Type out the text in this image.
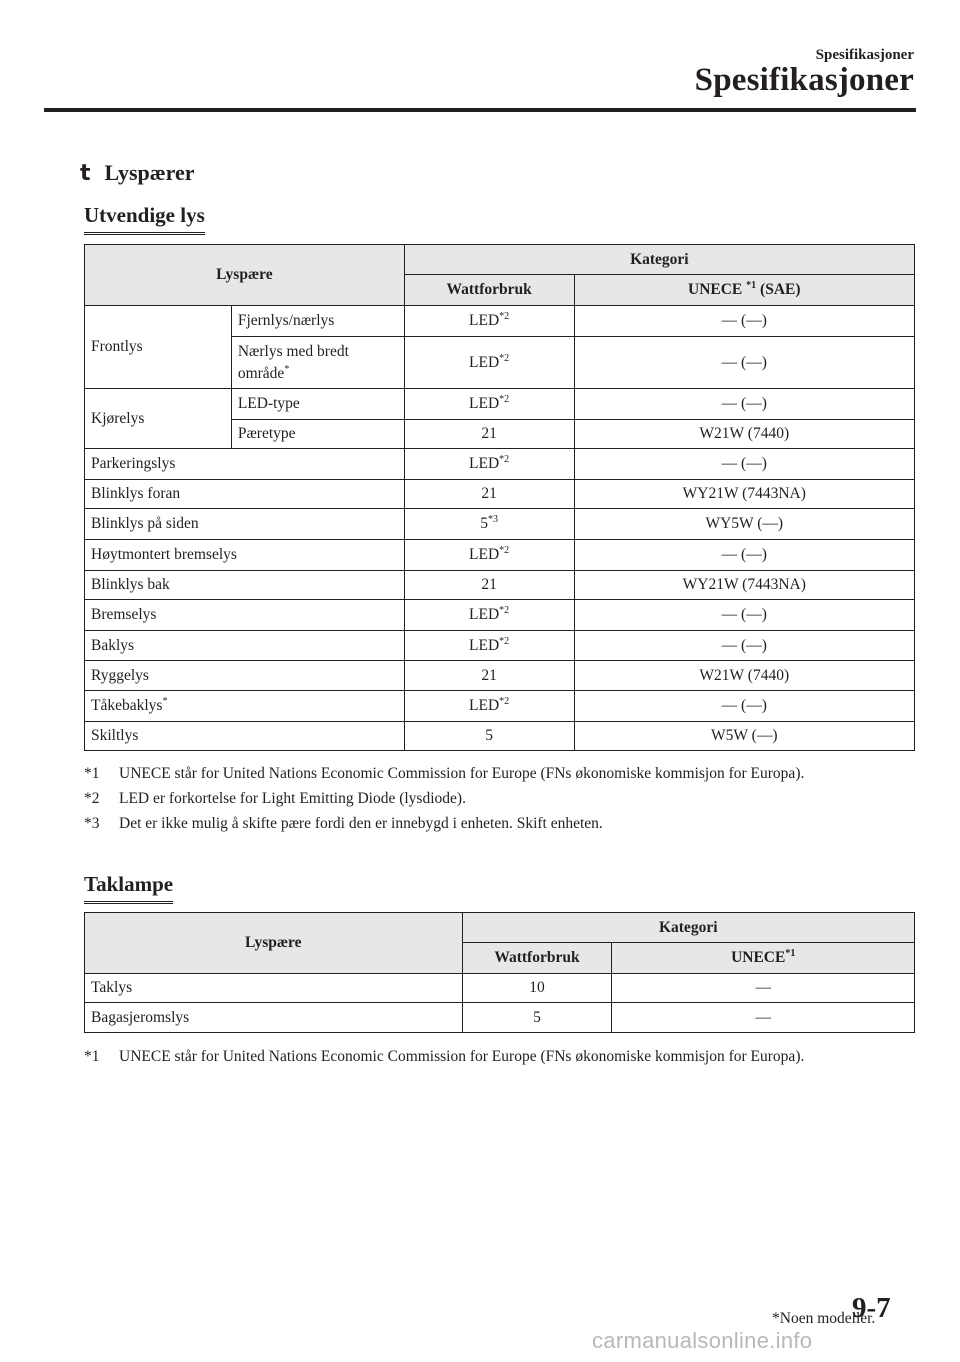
Spesifikasjoner
Spesifikasjoner
t Lyspærer
Utvendige lys
Lyspære		Kategori	
		Wattforbruk	UNECE $^{*1}$ (SAE)
Frontlys	Fjernlys/nærlys	LED$^{*2}$	— (—)
	Nærlys med bredt
område*	LED$^{*2}$	— (—)
Kjørelys	LED-type	LED$^{*2}$	— (—)
	Pæretype	21	W21W (7440)
Parkeringslys		LED$^{*2}$	— (—)
Blinklys foran		21	WY21W (7443NA)
Blinklys på siden		5$^{*3}$	WY5W (—)
Høytmontert bremselys		LED$^{*2}$	— (—)
Blinklys bak		21	WY21W (7443NA)
Bremselys		LED$^{*2}$	— (—)
Baklys		LED$^{*2}$	— (—)
Ryggelys		21	W21W (7440)
Tåkebaklys*		LED$^{*2}$	— (—)
Skiltlys		5	W5W (—)
*1	UNECE står for United Nations Economic Commission for Europe (FNs økonomiske kommisjon for Europa).
*2	LED er forkortelse for Light Emitting Diode (lysdiode).
*3	Det er ikke mulig å skifte pære fordi den er innebygd i enheten. Skift enheten.
Taklampe
Lyspære	Kategori	
	Wattforbruk	UNECE$^{*1}$
Taklys	10	—
Bagasjeromslys	5	—
*1	UNECE står for United Nations Economic Commission for Europe (FNs økonomiske kommisjon for Europa).
*Noen modeller.
9-7
carmanualsonline.info
